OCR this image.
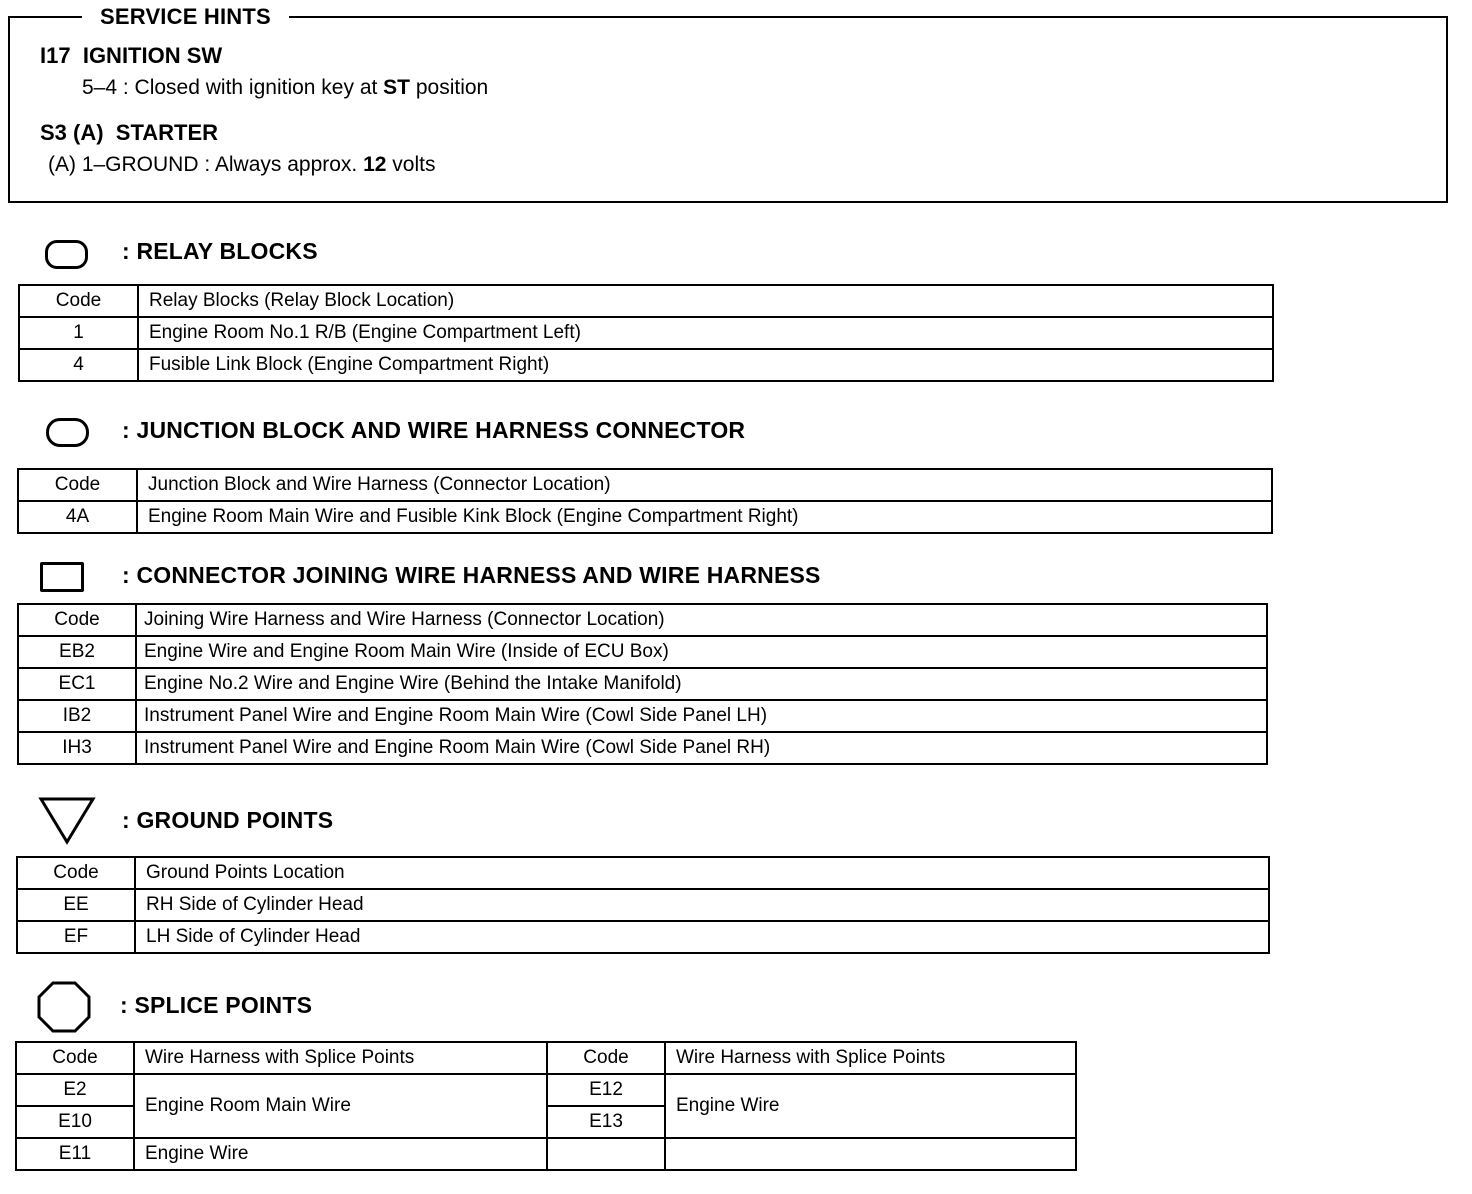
SERVICE HINTS
I17 IGNITION SW
5–4 : Closed with ignition key at ST position
S3 (A) STARTER
(A) 1–GROUND : Always approx. 12 volts
: RELAY BLOCKS
Code	Relay Blocks (Relay Block Location)
1	Engine Room No.1 R/B (Engine Compartment Left)
4	Fusible Link Block (Engine Compartment Right)
: JUNCTION BLOCK AND WIRE HARNESS CONNECTOR
Code	Junction Block and Wire Harness (Connector Location)
4A	Engine Room Main Wire and Fusible Kink Block (Engine Compartment Right)
: CONNECTOR JOINING WIRE HARNESS AND WIRE HARNESS
Code	Joining Wire Harness and Wire Harness (Connector Location)
EB2	Engine Wire and Engine Room Main Wire (Inside of ECU Box)
EC1	Engine No.2 Wire and Engine Wire (Behind the Intake Manifold)
IB2	Instrument Panel Wire and Engine Room Main Wire (Cowl Side Panel LH)
IH3	Instrument Panel Wire and Engine Room Main Wire (Cowl Side Panel RH)
: GROUND POINTS
Code	Ground Points Location
EE	RH Side of Cylinder Head
EF	LH Side of Cylinder Head
: SPLICE POINTS
Code	Wire Harness with Splice Points	Code	Wire Harness with Splice Points
E2	Engine Room Main Wire	E12	Engine Wire
E10		E13	
E11	Engine Wire		
